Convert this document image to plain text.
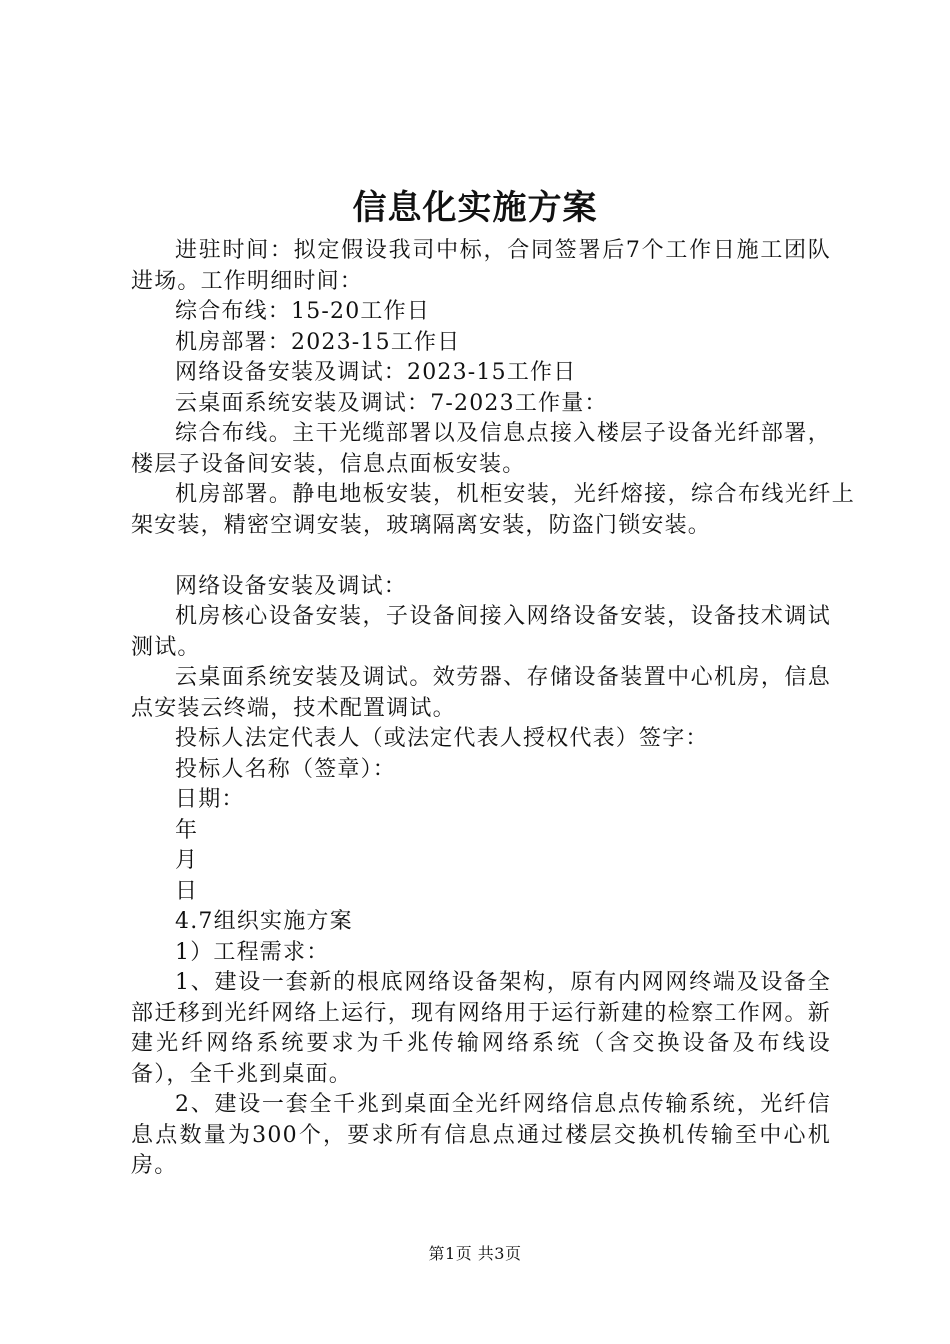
信息化实施方案

进驻时间：拟定假设我司中标，合同签署后7个工作日施工团队进场。工作明细时间：

综合布线：15-20工作日

机房部署：2023-15工作日

网络设备安装及调试：2023-15工作日

云桌面系统安装及调试：7-2023工作量：

综合布线。主干光缆部署以及信息点接入楼层子设备光纤部署，楼层子设备间安装，信息点面板安装。

机房部署。静电地板安装，机柜安装，光纤熔接，综合布线光纤上架安装，精密空调安装，玻璃隔离安装，防盗门锁安装。

网络设备安装及调试：

机房核心设备安装，子设备间接入网络设备安装，设备技术调试测试。

云桌面系统安装及调试。效劳器、存储设备装置中心机房，信息点安装云终端，技术配置调试。

投标人法定代表人（或法定代表人授权代表）签字：

投标人名称（签章）：

日期：

年

月

日

4.7组织实施方案

1）工程需求：

1、建设一套新的根底网络设备架构，原有内网网终端及设备全部迁移到光纤网络上运行，现有网络用于运行新建的检察工作网。新建光纤网络系统要求为千兆传输网络系统（含交换设备及布线设备），全千兆到桌面。

2、建设一套全千兆到桌面全光纤网络信息点传输系统，光纤信息点数量为300个，要求所有信息点通过楼层交换机传输至中心机房。

第1页 共3页
